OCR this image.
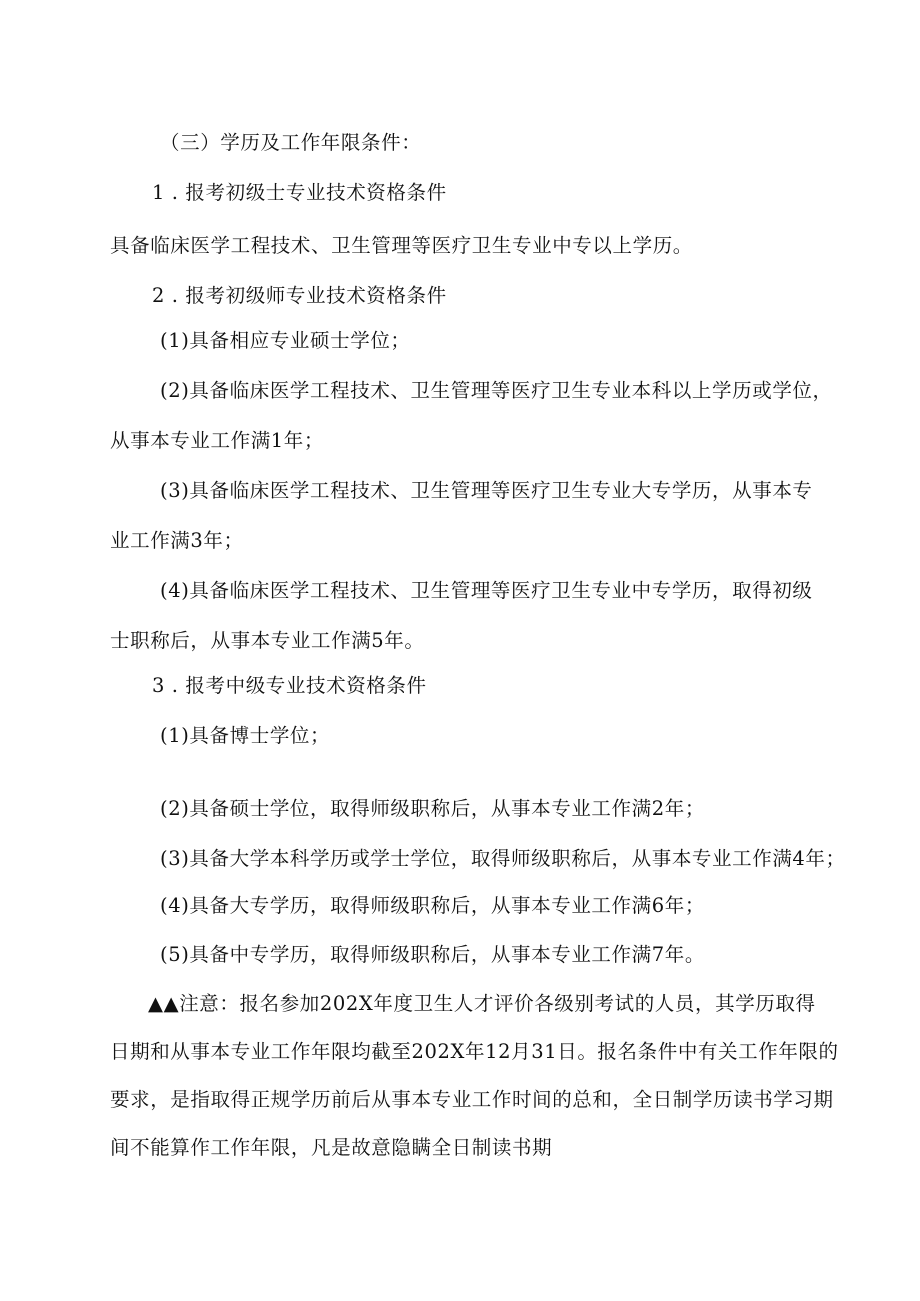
（三）学历及工作年限条件：

1 . 报考初级士专业技术资格条件

具备临床医学工程技术、卫生管理等医疗卫生专业中专以上学历。

2 . 报考初级师专业技术资格条件

(1)具备相应专业硕士学位；

(2)具备临床医学工程技术、卫生管理等医疗卫生专业本科以上学历或学位，

从事本专业工作满1年；

(3)具备临床医学工程技术、卫生管理等医疗卫生专业大专学历，从事本专

业工作满3年；

(4)具备临床医学工程技术、卫生管理等医疗卫生专业中专学历，取得初级

士职称后，从事本专业工作满5年。

3 . 报考中级专业技术资格条件

(1)具备博士学位；

(2)具备硕士学位，取得师级职称后，从事本专业工作满2年；

(3)具备大学本科学历或学士学位，取得师级职称后，从事本专业工作满4年；

(4)具备大专学历，取得师级职称后，从事本专业工作满6年；

(5)具备中专学历，取得师级职称后，从事本专业工作满7年。

▲▲注意：报名参加202X年度卫生人才评价各级别考试的人员，其学历取得

日期和从事本专业工作年限均截至202X年12月31日。报名条件中有关工作年限的

要求，是指取得正规学历前后从事本专业工作时间的总和，全日制学历读书学习期

间不能算作工作年限，凡是故意隐瞒全日制读书期
